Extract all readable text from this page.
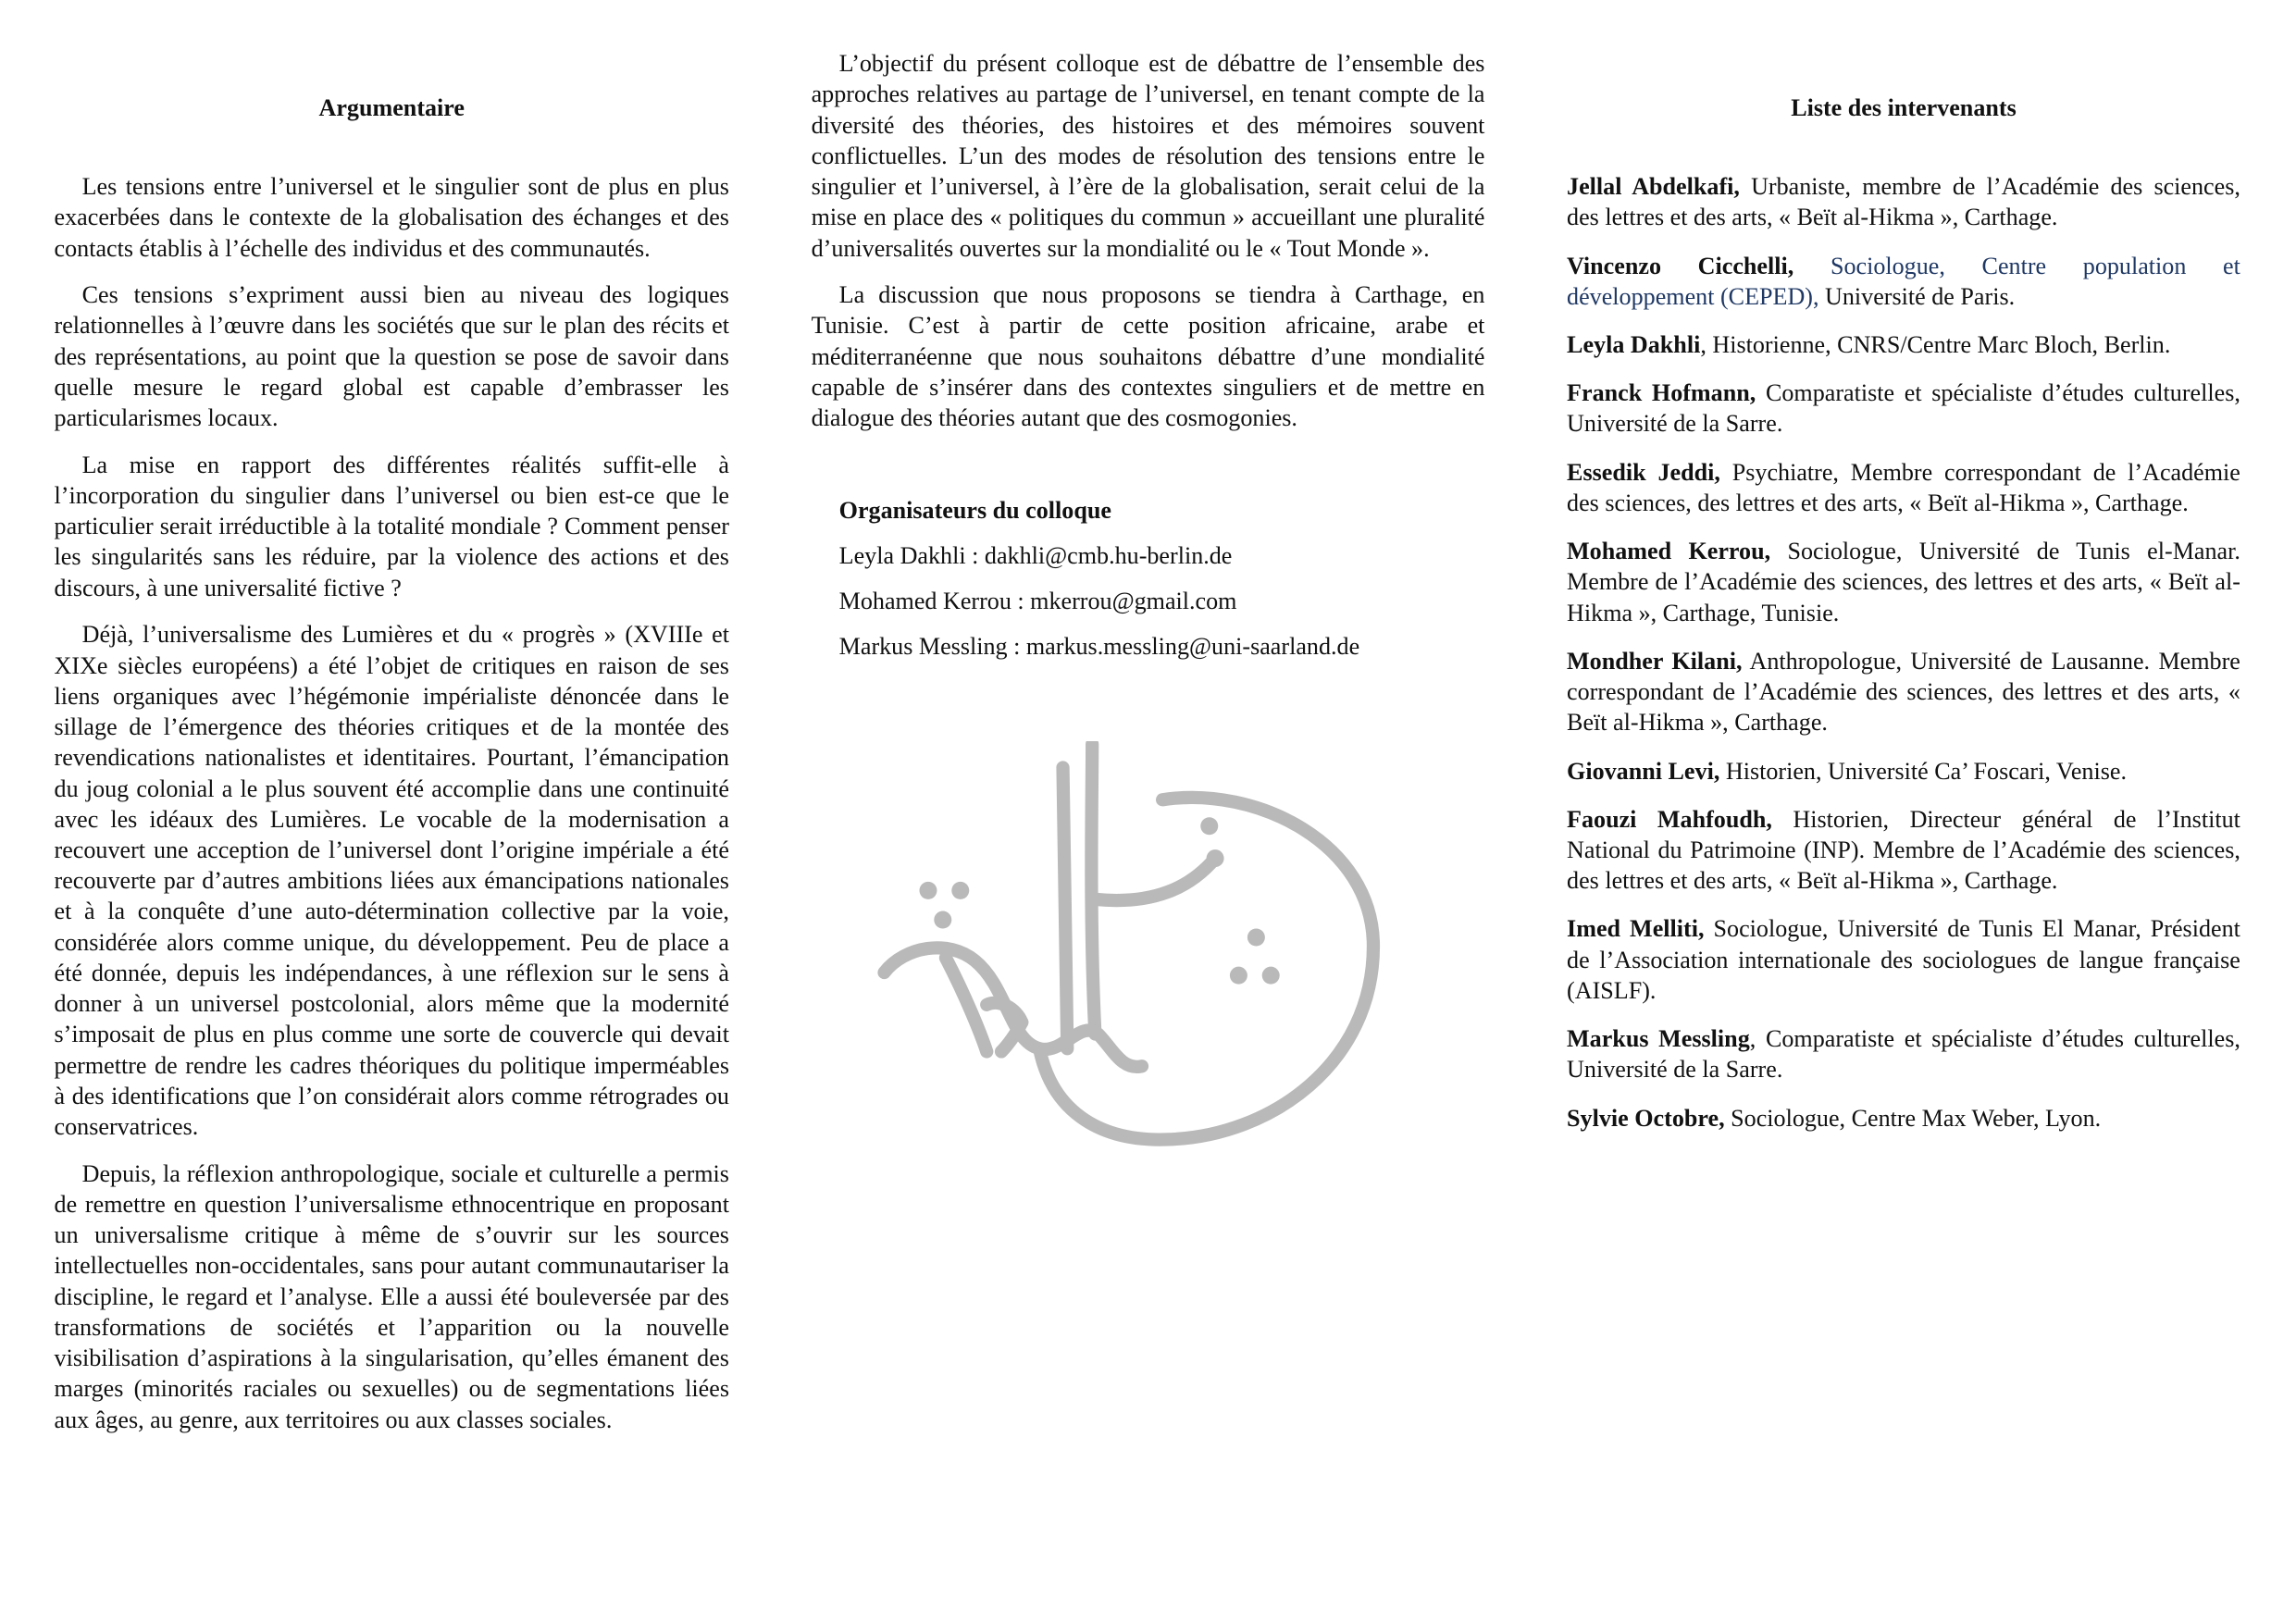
Argumentaire

Les tensions entre l’universel et le singulier sont de plus en plus exacerbées dans le contexte de la globalisation des échanges et des contacts établis à l’échelle des individus et des communautés.

Ces tensions s’expriment aussi bien au niveau des logiques relationnelles à l’œuvre dans les sociétés que sur le plan des récits et des représentations, au point que la question se pose de savoir dans quelle mesure le regard global est capable d’embrasser les particularismes locaux.

La mise en rapport des différentes réalités suffit-elle à l’incorporation du singulier dans l’universel ou bien est-ce que le particulier serait irréductible à la totalité mondiale ? Comment penser les singularités sans les réduire, par la violence des actions et des discours, à une universalité fictive ?

Déjà, l’universalisme des Lumières et du « progrès » (XVIIIe et XIXe siècles européens) a été l’objet de critiques en raison de ses liens organiques avec l’hégémonie impérialiste dénoncée dans le sillage de l’émergence des théories critiques et de la montée des revendications nationalistes et identitaires. Pourtant, l’émancipation du joug colonial a le plus souvent été accomplie dans une continuité avec les idéaux des Lumières. Le vocable de la modernisation a recouvert une acception de l’universel dont l’origine impériale a été recouverte par d’autres ambitions liées aux émancipations nationales et à la conquête d’une auto-détermination collective par la voie, considérée alors comme unique, du développement. Peu de place a été donnée, depuis les indépendances, à une réflexion sur le sens à donner à un universel postcolonial, alors même que la modernité s’imposait de plus en plus comme une sorte de couvercle qui devait permettre de rendre les cadres théoriques du politique imperméables à des identifications que l’on considérait alors comme rétrogrades ou conservatrices.

Depuis, la réflexion anthropologique, sociale et culturelle a permis de remettre en question l’universalisme ethnocentrique en proposant un universalisme critique à même de s’ouvrir sur les sources intellectuelles non-occidentales, sans pour autant communautariser la discipline, le regard et l’analyse. Elle a aussi été bouleversée par des transformations de sociétés et l’apparition ou la nouvelle visibilisation d’aspirations à la singularisation, qu’elles émanent des marges (minorités raciales ou sexuelles) ou de segmentations liées aux âges, au genre, aux territoires ou aux classes sociales.

L’objectif du présent colloque est de débattre de l’ensemble des approches relatives au partage de l’universel, en tenant compte de la diversité des théories, des histoires et des mémoires souvent conflictuelles. L’un des modes de résolution des tensions entre le singulier et l’universel, à l’ère de la globalisation, serait celui de la mise en place des « politiques du commun » accueillant une pluralité d’universalités ouvertes sur la mondialité ou le « Tout Monde ».

La discussion que nous proposons se tiendra à Carthage, en Tunisie. C’est à partir de cette position africaine, arabe et méditerranéenne que nous souhaitons débattre d’une mondialité capable de s’insérer dans des contextes singuliers et de mettre en dialogue des théories autant que des cosmogonies.

Organisateurs du colloque
Leyla Dakhli : dakhli@cmb.hu-berlin.de
Mohamed Kerrou : mkerrou@gmail.com
Markus Messling : markus.messling@uni-saarland.de
Liste des intervenants

Jellal Abdelkafi, Urbaniste, membre de l’Académie des sciences, des lettres et des arts, « Beït al-Hikma », Carthage.

Vincenzo Cicchelli, Sociologue, Centre population et développement (CEPED), Université de Paris.

Leyla Dakhli, Historienne, CNRS/Centre Marc Bloch, Berlin.

Franck Hofmann, Comparatiste et spécialiste d’études culturelles, Université de la Sarre.

Essedik Jeddi, Psychiatre, Membre correspondant de l’Académie des sciences, des lettres et des arts, « Beït al-Hikma », Carthage.

Mohamed Kerrou, Sociologue, Université de Tunis el-Manar. Membre de l’Académie des sciences, des lettres et des arts, « Beït al-Hikma », Carthage, Tunisie.

Mondher Kilani, Anthropologue, Université de Lausanne. Membre correspondant de l’Académie des sciences, des lettres et des arts, « Beït al-Hikma », Carthage.

Giovanni Levi, Historien, Université Ca’ Foscari, Venise.

Faouzi Mahfoudh, Historien, Directeur général de l’Institut National du Patrimoine (INP). Membre de l’Académie des sciences, des lettres et des arts, « Beït al-Hikma », Carthage.

Imed Melliti, Sociologue, Université de Tunis El Manar, Président de l’Association internationale des sociologues de langue française (AISLF).

Markus Messling, Comparatiste et spécialiste d’études culturelles, Université de la Sarre.

Sylvie Octobre, Sociologue, Centre Max Weber, Lyon.
